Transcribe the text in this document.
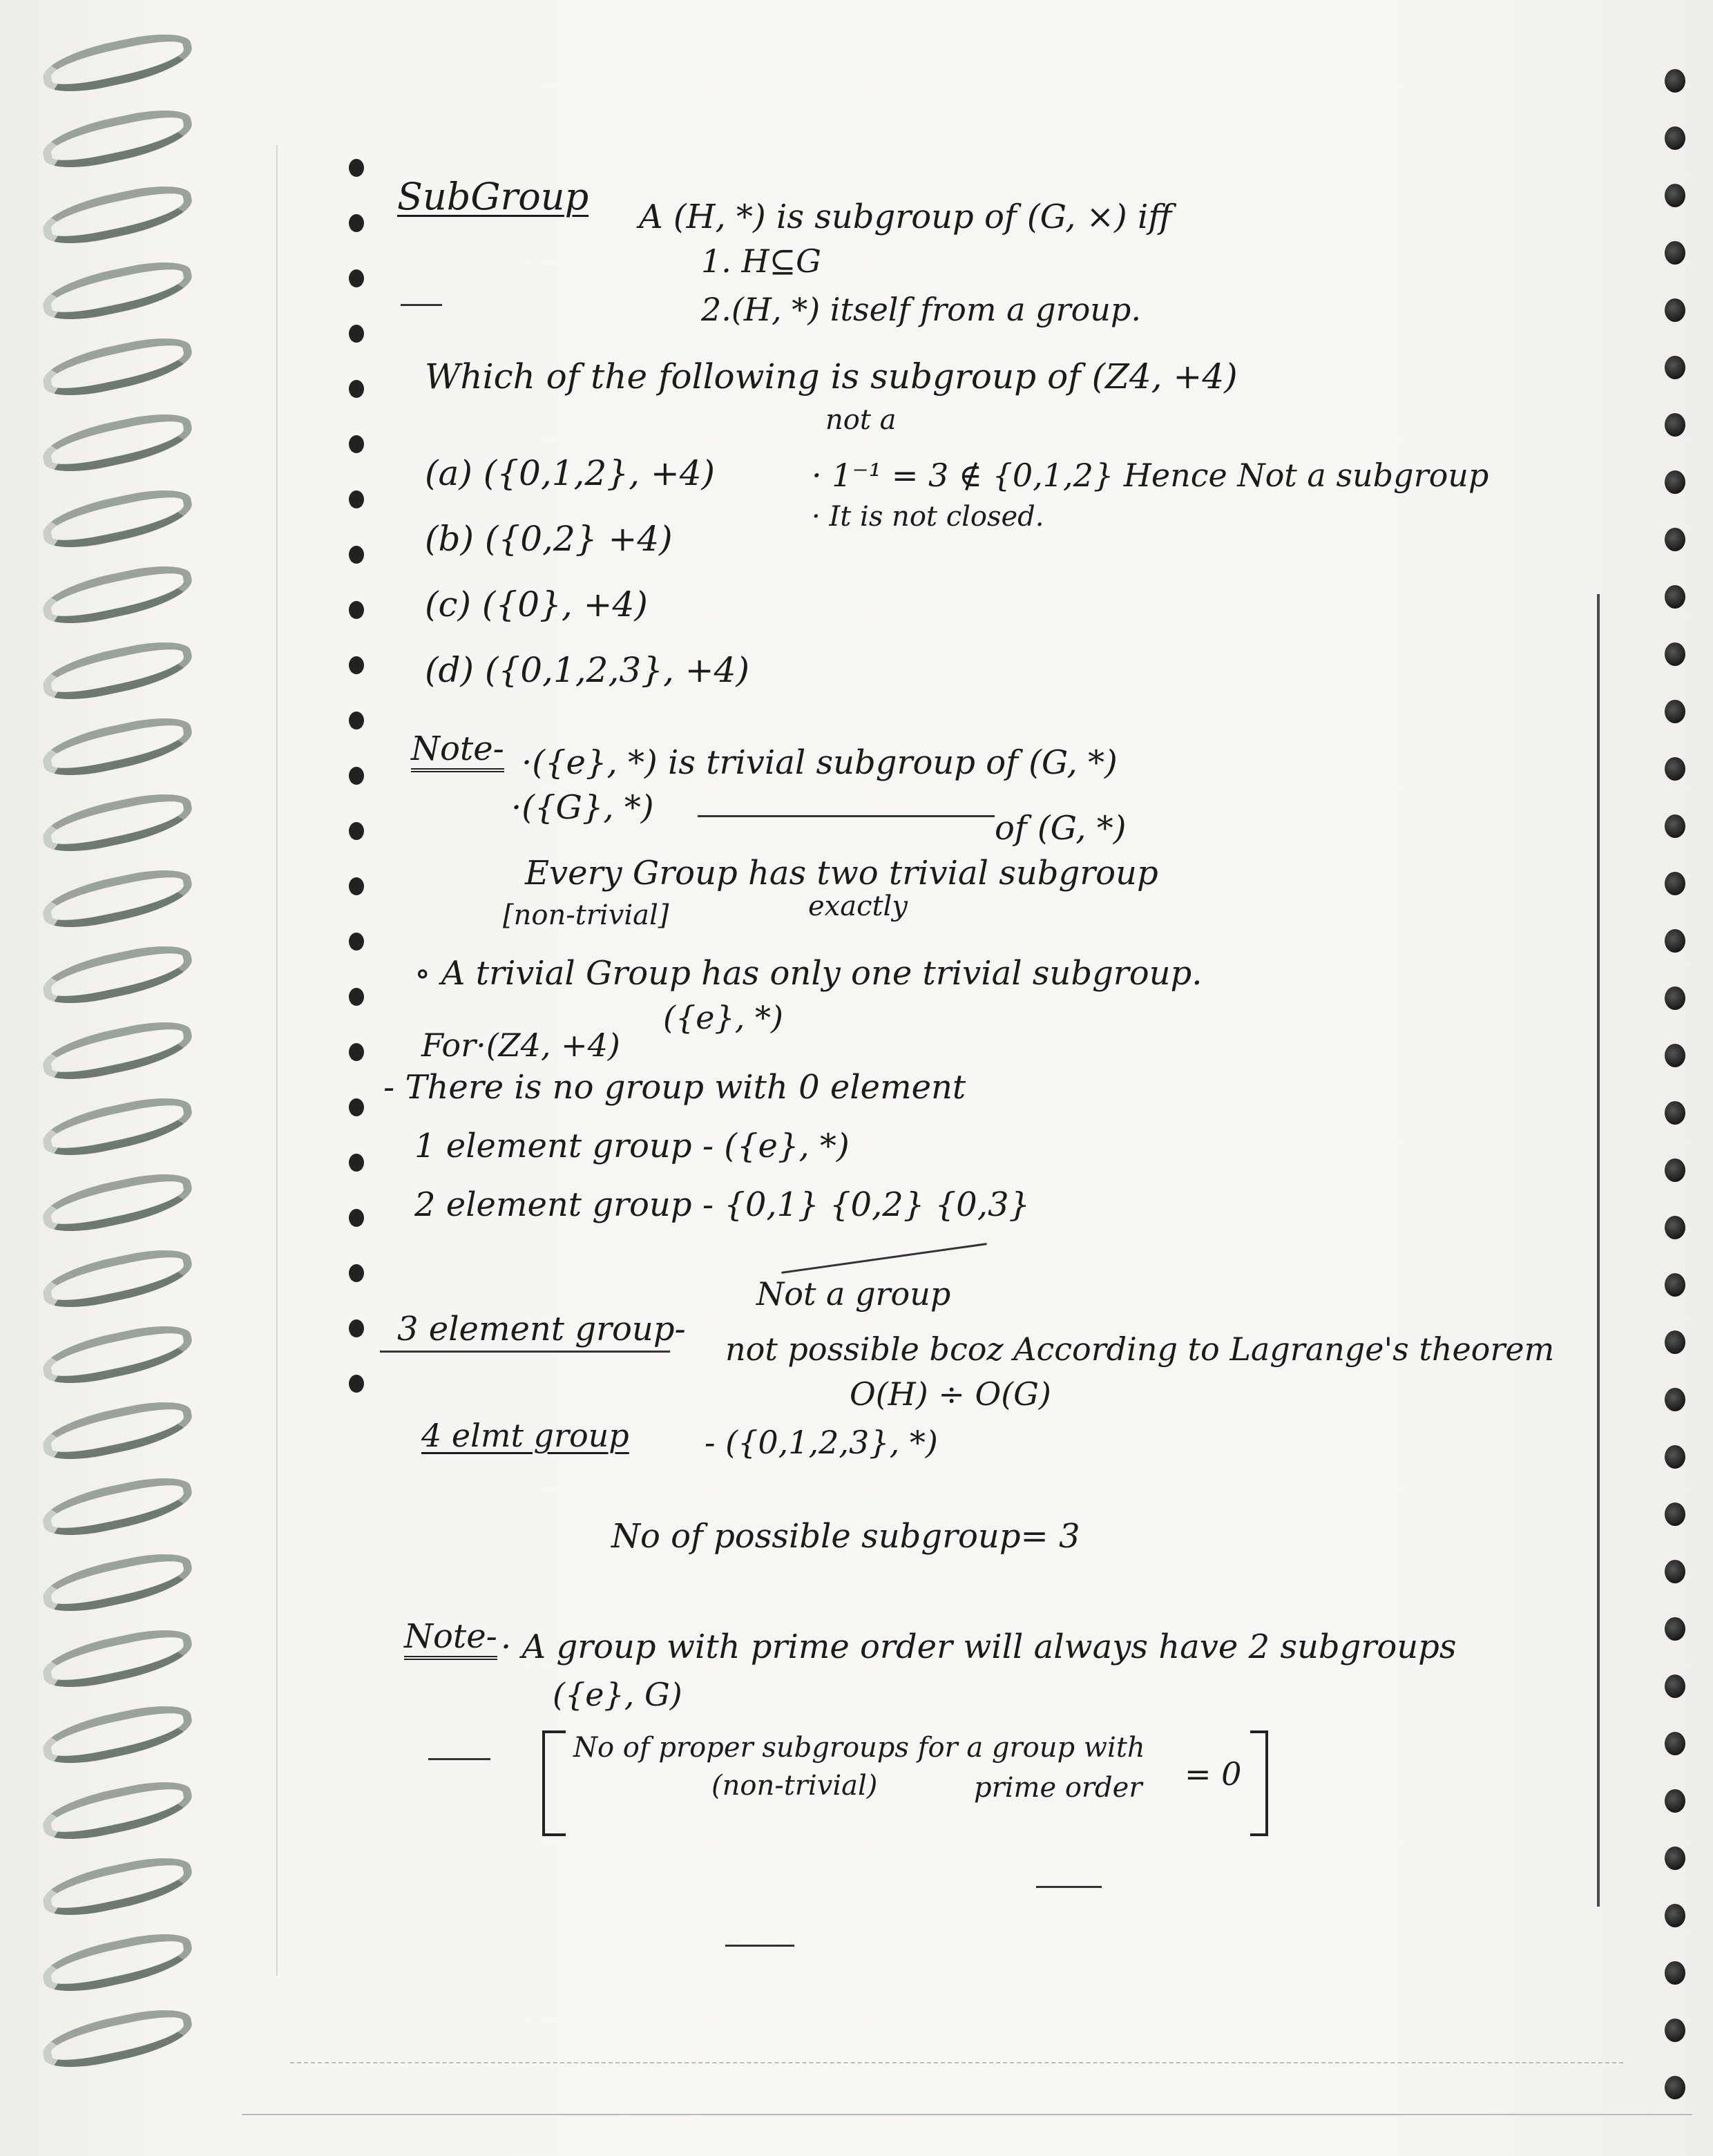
SubGroup A (H, *) is subgroup of (G, ×) iff
1. H⊆G
2.(H, *) itself from a group.
Which of the following is subgroup of (Z4, +4)
not a
(a) ({0,1,2}, +4)
(b) ({0,2} +4)
(c) ({0}, +4)
(d) ({0,1,2,3}, +4)
· 1⁻¹ = 3 ∉ {0,1,2} Hence Not a subgroup
· It is not closed.
Note- ·({e}, *) is trivial subgroup of (G, *)
·({G}, *)
of (G, *)
Every Group has two trivial subgroup
[non-trivial]	exactly
∘ A trivial Group has only one trivial subgroup.
({e}, *)
For·(Z4, +4)
- There is no group with 0 element
1 element group - ({e}, *)
2 element group - {0,1} {0,2} {0,3}
Not a group
3 element group-
not possible bcoz According to Lagrange's theorem
O(H) ÷ O(G)
4 elmt group - ({0,1,2,3}, *)
No of possible subgroup= 3
Note- · A group with prime order will always have 2 subgroups
({e}, G)
No of proper subgroups for a group with
(non-trivial)	prime order = 0
